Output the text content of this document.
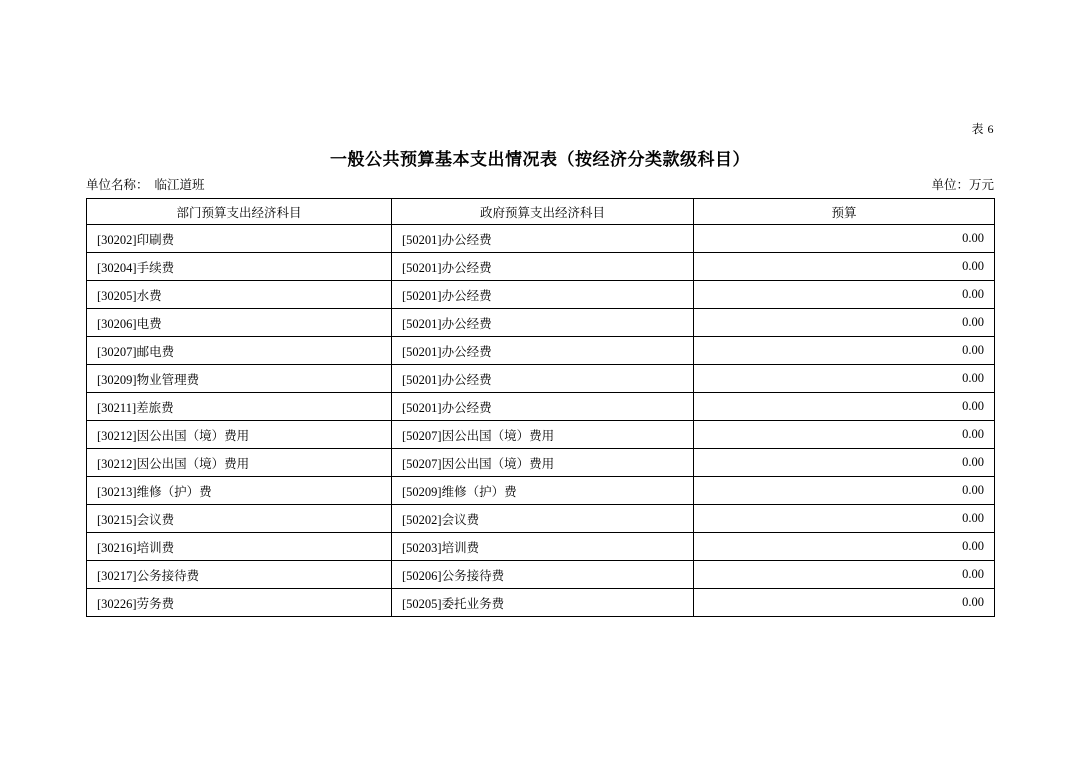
表 6
一般公共预算基本支出情况表（按经济分类款级科目）
单位名称： 临江道班	单位：万元
部门预算支出经济科目	政府预算支出经济科目	预算
[30202]印刷费	[50201]办公经费	0.00
[30204]手续费	[50201]办公经费	0.00
[30205]水费	[50201]办公经费	0.00
[30206]电费	[50201]办公经费	0.00
[30207]邮电费	[50201]办公经费	0.00
[30209]物业管理费	[50201]办公经费	0.00
[30211]差旅费	[50201]办公经费	0.00
[30212]因公出国（境）费用	[50207]因公出国（境）费用	0.00
[30212]因公出国（境）费用	[50207]因公出国（境）费用	0.00
[30213]维修（护）费	[50209]维修（护）费	0.00
[30215]会议费	[50202]会议费	0.00
[30216]培训费	[50203]培训费	0.00
[30217]公务接待费	[50206]公务接待费	0.00
[30226]劳务费	[50205]委托业务费	0.00
